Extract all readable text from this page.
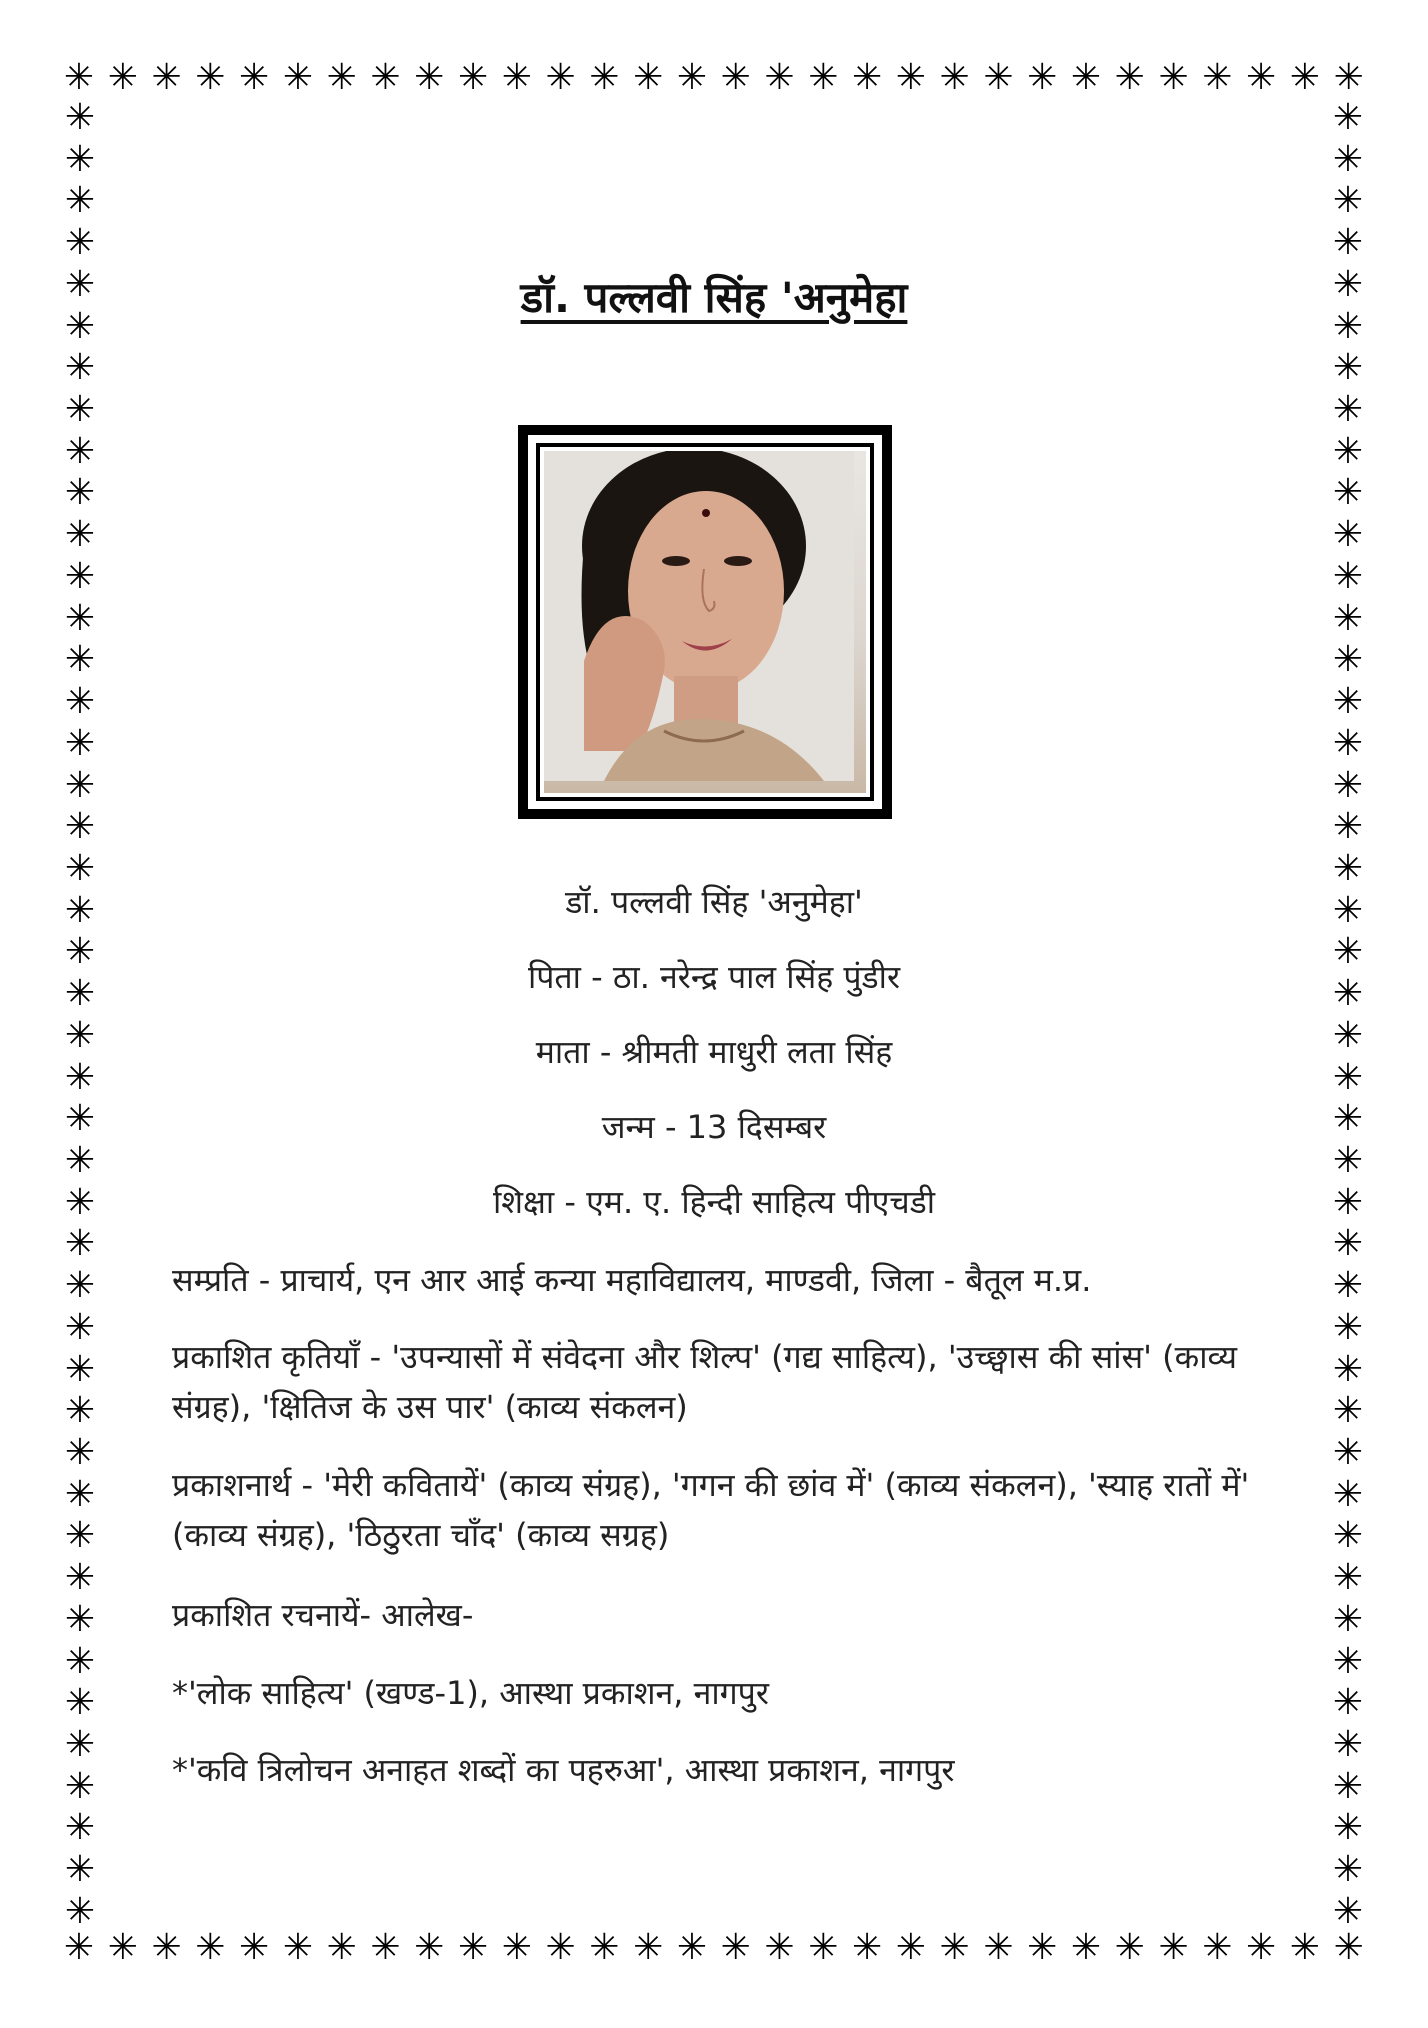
✳ ✳ ✳ ✳ ✳ ✳ ✳ ✳ ✳ ✳ ✳ ✳ ✳ ✳ ✳ ✳ ✳ ✳ ✳ ✳ ✳ ✳ ✳ ✳ ✳ ✳ ✳ ✳ ✳ ✳
✳ ✳ ✳ ✳ ✳ ✳ ✳ ✳ ✳ ✳ ✳ ✳ ✳ ✳ ✳ ✳ ✳ ✳ ✳ ✳ ✳ ✳ ✳ ✳ ✳ ✳ ✳ ✳ ✳ ✳
✳
✳
✳
✳
✳
✳
✳
✳
✳
✳
✳
✳
✳
✳
✳
✳
✳
✳
✳
✳
✳
✳
✳
✳
✳
✳
✳
✳
✳
✳
✳
✳
✳
✳
✳
✳
✳
✳
✳
✳
✳
✳
✳
✳
✳
✳
✳
✳
✳
✳
✳
✳
✳
✳
✳
✳
✳
✳
✳
✳
✳
✳
✳
✳
✳
✳
✳
✳
✳
✳
✳
✳
✳
✳
✳
✳
✳
✳
✳
✳
✳
✳
✳
✳
✳
✳
✳
✳
डॉ. पल्लवी सिंह 'अनुमेहा
डॉ. पल्लवी सिंह 'अनुमेहा'
पिता - ठा. नरेन्द्र पाल सिंह पुंडीर
माता - श्रीमती माधुरी लता सिंह
जन्म - 13 दिसम्बर
शिक्षा - एम. ए. हिन्दी साहित्य पीएचडी
सम्प्रति - प्राचार्य, एन आर आई कन्या महाविद्यालय, माण्डवी, जिला - बैतूल म.प्र.
प्रकाशित कृतियाँ - 'उपन्यासों में संवेदना और शिल्प' (गद्य साहित्य), 'उच्छ्वास की सांस' (काव्य संग्रह), 'क्षितिज के उस पार' (काव्य संकलन)
प्रकाशनार्थ - 'मेरी कवितायें' (काव्य संग्रह), 'गगन की छांव में' (काव्य संकलन), 'स्याह रातों में' (काव्य संग्रह), 'ठिठुरता चाँद' (काव्य सग्रह)
प्रकाशित रचनायें- आलेख-
*'लोक साहित्य' (खण्ड-1), आस्था प्रकाशन, नागपुर
*'कवि त्रिलोचन अनाहत शब्दों का पहरुआ', आस्था प्रकाशन, नागपुर
